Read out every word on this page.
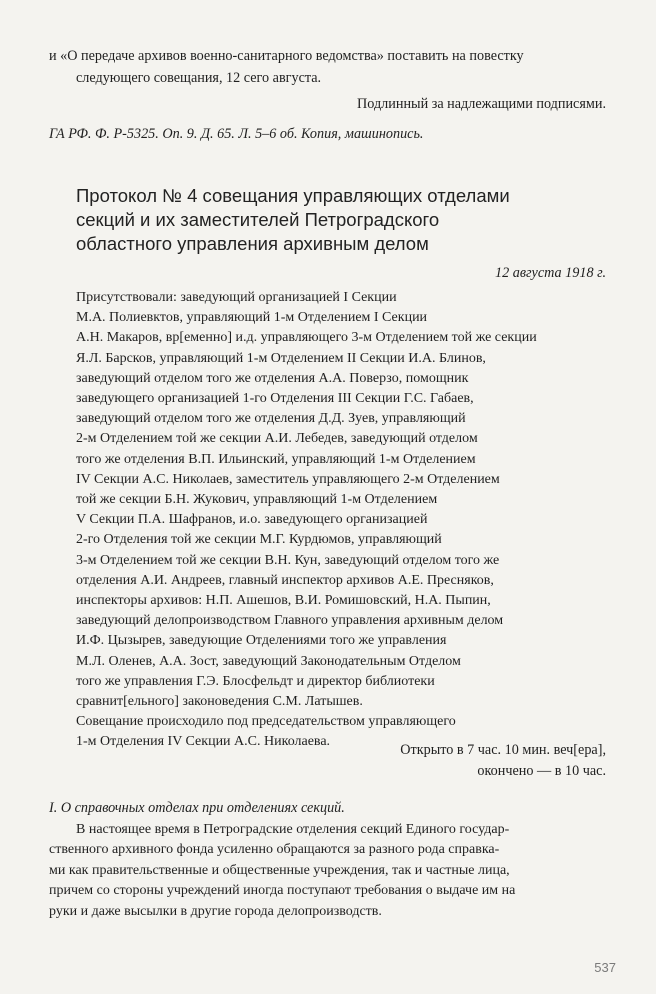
и «О передаче архивов военно-санитарного ведомства» поставить на повестку

следующего совещания, 12 сего августа.

Подлинный за надлежащими подписями.

ГА РФ. Ф. Р-5325. Оп. 9. Д. 65. Л. 5–6 об. Копия, машинопись.

Протокол № 4 совещания управляющих отделами
секций и их заместителей Петроградского
областного управления архивным делом

12 августа 1918 г.

Присутствовали: заведующий организацией I Секции
М.А. Полиевктов, управляющий 1-м Отделением I Секции
А.Н. Макаров, вр[еменно] и.д. управляющего 3-м Отделением той же секции
Я.Л. Барсков, управляющий 1-м Отделением II Секции И.А. Блинов,
заведующий отделом того же отделения А.А. Поверзо, помощник
заведующего организацией 1-го Отделения III Секции Г.С. Габаев,
заведующий отделом того же отделения Д.Д. Зуев, управляющий
2-м Отделением той же секции А.И. Лебедев, заведующий отделом
того же отделения В.П. Ильинский, управляющий 1-м Отделением
IV Секции А.С. Николаев, заместитель управляющего 2-м Отделением
той же секции Б.Н. Жукович, управляющий 1-м Отделением
V Секции П.А. Шафранов, и.о. заведующего организацией
2-го Отделения той же секции М.Г. Курдюмов, управляющий
3-м Отделением той же секции В.Н. Кун, заведующий отделом того же
отделения А.И. Андреев, главный инспектор архивов А.Е. Пресняков,
инспекторы архивов: Н.П. Ашешов, В.И. Ромишовский, Н.А. Пыпин,
заведующий делопроизводством Главного управления архивным делом
И.Ф. Цызырев, заведующие Отделениями того же управления
М.Л. Оленев, А.А. Зост, заведующий Законодательным Отделом
того же управления Г.Э. Блосфельдт и директор библиотеки
сравнит[ельного] законоведения С.М. Латышев.
Совещание происходило под председательством управляющего
1-м Отделения IV Секции А.С. Николаева.

Открыто в 7 час. 10 мин. веч[ера],

окончено — в 10 час.

I. О справочных отделах при отделениях секций.

В настоящее время в Петроградские отделения секций Единого государ-
ственного архивного фонда усиленно обращаются за разного рода справка-
ми как правительственные и общественные учреждения, так и частные лица,
причем со стороны учреждений иногда поступают требования о выдаче им на
руки и даже высылки в другие города делопроизводств.
537
